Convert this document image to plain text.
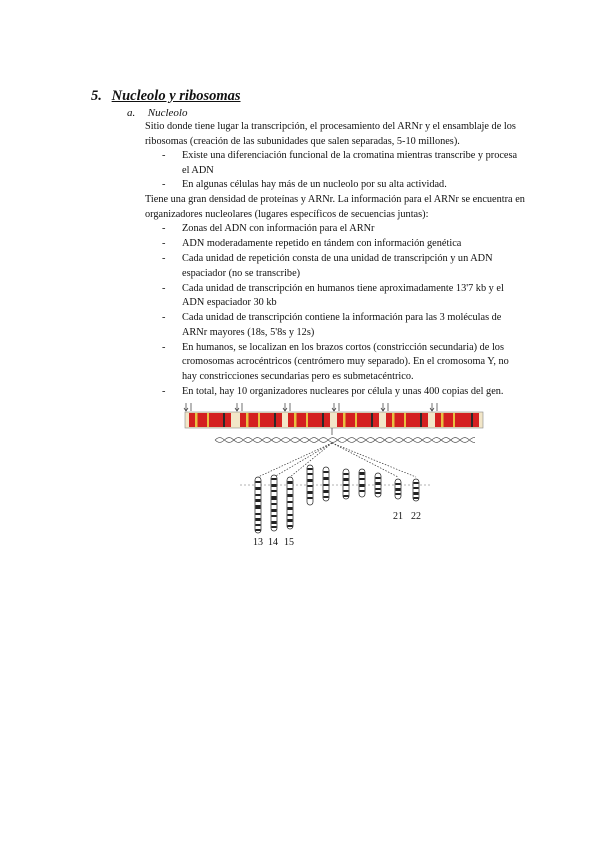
5. Nucleolo y ribosomas
a. Nucleolo
Sitio donde tiene lugar la transcripción, el procesamiento del ARNr y el ensamblaje de los ribosomas (creación de las subunidades que salen separadas, 5-10 millones).
- Existe una diferenciación funcional de la cromatina mientras transcribe y procesa el ADN
- En algunas células hay más de un nucleolo por su alta actividad.
Tiene una gran densidad de proteínas y ARNr. La información para el ARNr se encuentra en organizadores nucleolares (lugares específicos de secuencias juntas):
- Zonas del ADN con información para el ARNr
- ADN moderadamente repetido en tándem con información genética
- Cada unidad de repetición consta de una unidad de transcripción y un ADN espaciador (no se transcribe)
- Cada unidad de transcripción en humanos tiene aproximadamente 13'7 kb y el ADN espaciador 30 kb
- Cada unidad de transcripción contiene la información para las 3 moléculas de ARNr mayores (18s, 5'8s y 12s)
- En humanos, se localizan en los brazos cortos (constricción secundaria) de los cromosomas acrocéntricos (centrómero muy separado). En el cromosoma Y, no hay constricciones secundarias pero es submetacéntrico.
- En total, hay 10 organizadores nucleares por célula y unas 400 copias del gen.
13 14 15
21 22
